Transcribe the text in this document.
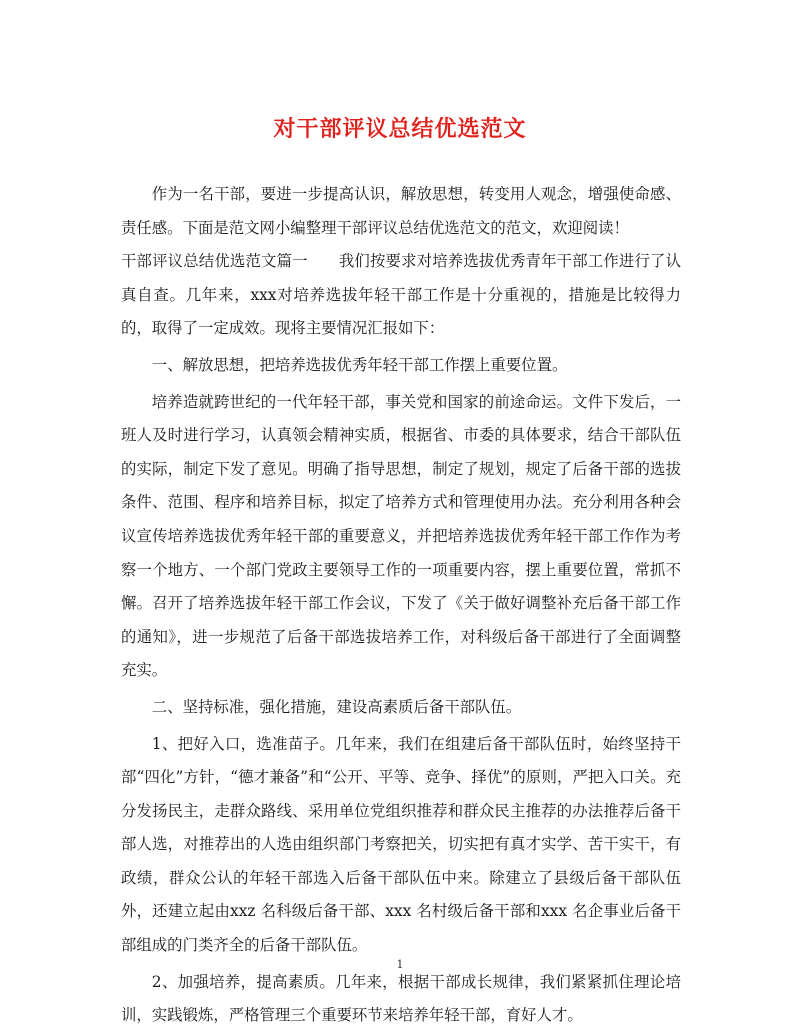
对干部评议总结优选范文

作为一名干部，要进一步提高认识，解放思想，转变用人观念，增强使命感、责任感。下面是范文网小编整理干部评议总结优选范文的范文，欢迎阅读！

干部评议总结优选范文篇一　　我们按要求对培养选拔优秀青年干部工作进行了认真自查。几年来，xxx对培养选拔年轻干部工作是十分重视的，措施是比较得力的，取得了一定成效。现将主要情况汇报如下：

一、解放思想，把培养选拔优秀年轻干部工作摆上重要位置。

培养造就跨世纪的一代年轻干部，事关党和国家的前途命运。文件下发后，一班人及时进行学习，认真领会精神实质，根据省、市委的具体要求，结合干部队伍的实际，制定下发了意见。明确了指导思想，制定了规划，规定了后备干部的选拔条件、范围、程序和培养目标，拟定了培养方式和管理使用办法。充分利用各种会议宣传培养选拔优秀年轻干部的重要意义，并把培养选拔优秀年轻干部工作作为考察一个地方、一个部门党政主要领导工作的一项重要内容，摆上重要位置，常抓不懈。召开了培养选拔年轻干部工作会议，下发了《关于做好调整补充后备干部工作的通知》，进一步规范了后备干部选拔培养工作，对科级后备干部进行了全面调整充实。

二、坚持标准，强化措施，建设高素质后备干部队伍。

1、把好入口，选准苗子。几年来，我们在组建后备干部队伍时，始终坚持干部“四化”方针，“德才兼备”和“公开、平等、竞争、择优”的原则，严把入口关。充分发扬民主，走群众路线、采用单位党组织推荐和群众民主推荐的办法推荐后备干部人选，对推荐出的人选由组织部门考察把关，切实把有真才实学、苦干实干，有政绩，群众公认的年轻干部选入后备干部队伍中来。除建立了县级后备干部队伍外，还建立起由xxz 名科级后备干部、xxx 名村级后备干部和xxx 名企事业后备干部组成的门类齐全的后备干部队伍。

2、加强培养，提高素质。几年来，根据干部成长规律，我们紧紧抓住理论培训，实践锻炼，严格管理三个重要环节来培养年轻干部，育好人才。

1
